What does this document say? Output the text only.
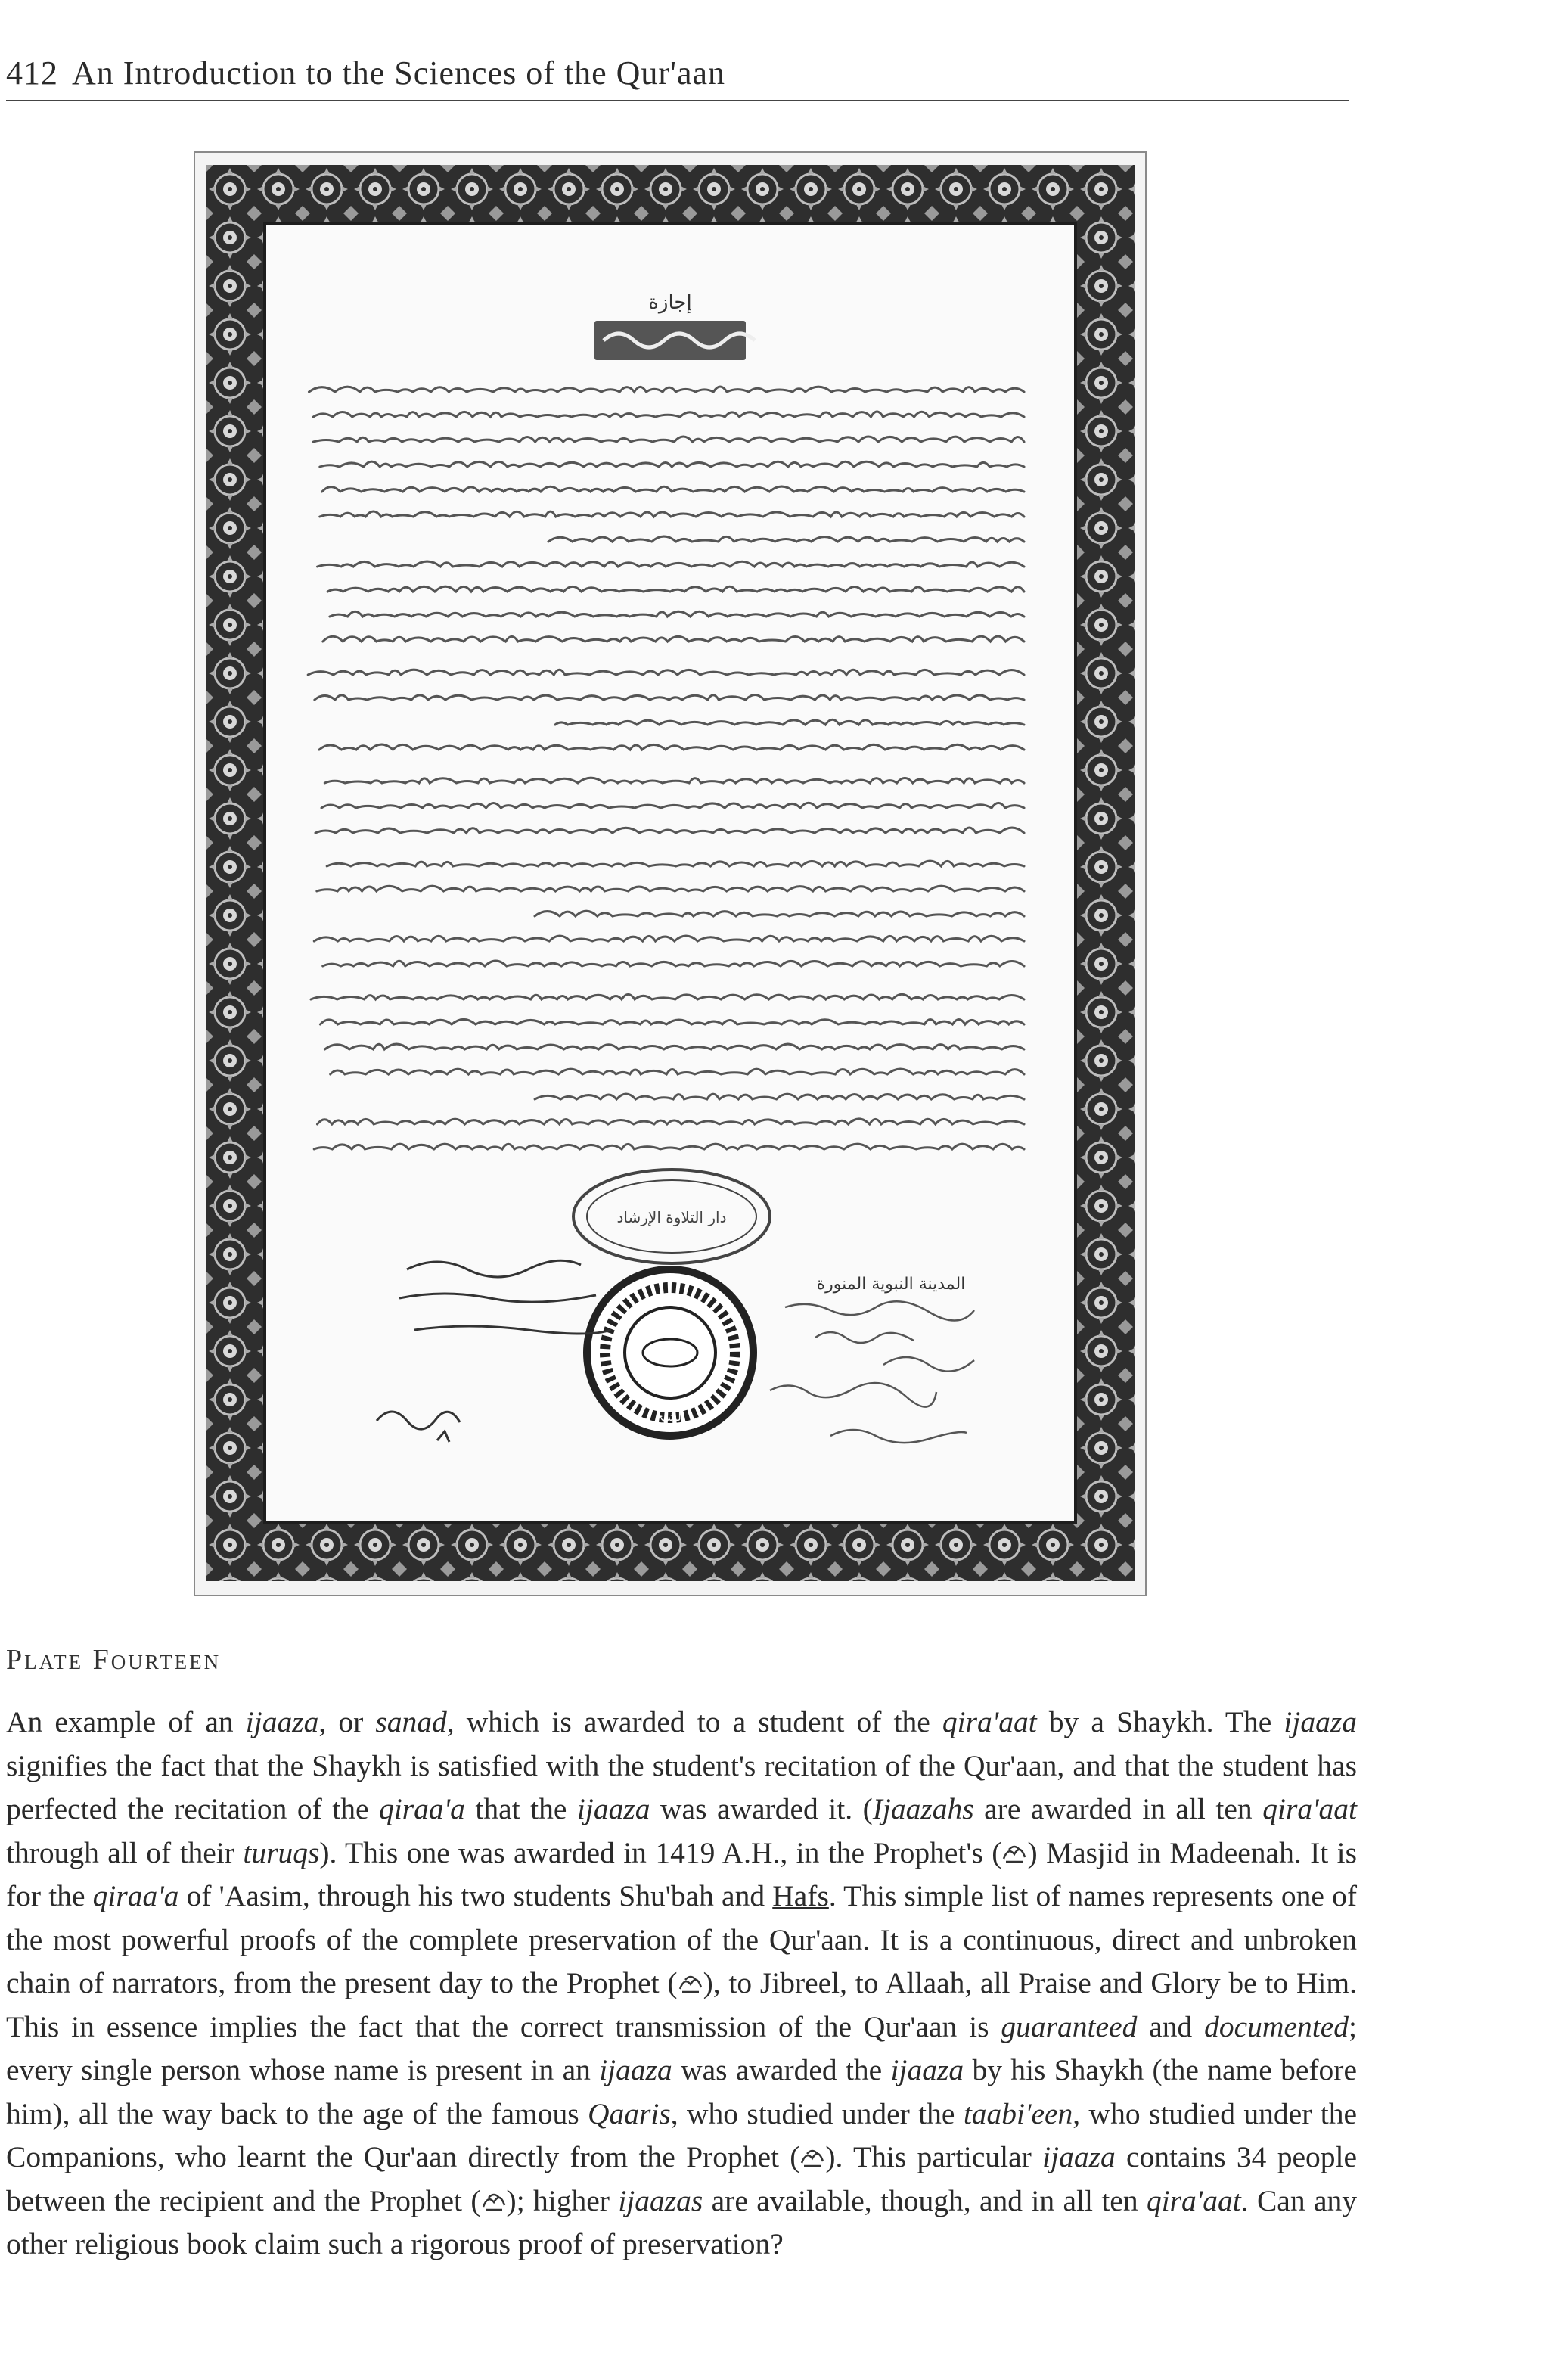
412 An Introduction to the Sciences of the Qur'aan
إجازة
دار التلاوة الإرشاد
الشيخ
المدينة النبوية المنورة
Plate Fourteen
An example of an ijaaza, or sanad, which is awarded to a student of the qira'aat by a Shaykh. The ijaaza signifies the fact that the Shaykh is satisfied with the student's recitation of the Qur'aan, and that the student has perfected the recitation of the qiraa'a that the ijaaza was awarded it. (Ijaazahs are awarded in all ten qira'aat through all of their turuqs). This one was awarded in 1419 A.H., in the Prophet's ( ) Masjid in Madeenah. It is for the qiraa'a of 'Aasim, through his two students Shu'bah and Hafs. This simple list of names represents one of the most powerful proofs of the complete preservation of the Qur'aan. It is a continuous, direct and unbroken chain of narrators, from the present day to the Prophet ( ), to Jibreel, to Allaah, all Praise and Glory be to Him. This in essence implies the fact that the correct transmission of the Qur'aan is guaranteed and documented; every single person whose name is present in an ijaaza was awarded the ijaaza by his Shaykh (the name before him), all the way back to the age of the famous Qaaris, who studied under the taabi'een, who studied under the Companions, who learnt the Qur'aan directly from the Prophet ( ). This particular ijaaza contains 34 people between the recipient and the Prophet ( ); higher ijaazas are available, though, and in all ten qira'aat. Can any other religious book claim such a rigorous proof of preservation?
